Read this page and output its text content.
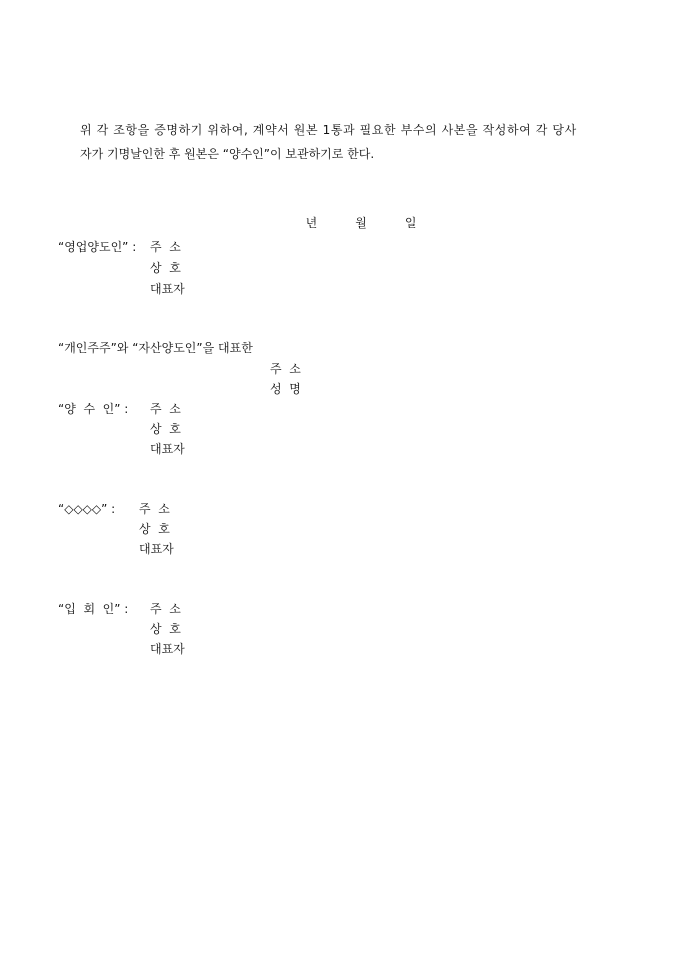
위 각 조항을 증명하기 위하여, 계약서 원본 1통과 필요한 부수의 사본을 작성하여 각 당사

자가 기명날인한 후 원본은 “양수인”이 보관하기로 한다.

년	월	일

“영업양도인” : 주  소
상  호
대표자
“개인주주”와 “자산양도인”을 대표한
주  소
성  명
“양  수  인” : 주  소
상  호
대표자
“◇◇◇◇” : 주  소
상  호
대표자
“입  회  인” : 주  소
상  호
대표자
